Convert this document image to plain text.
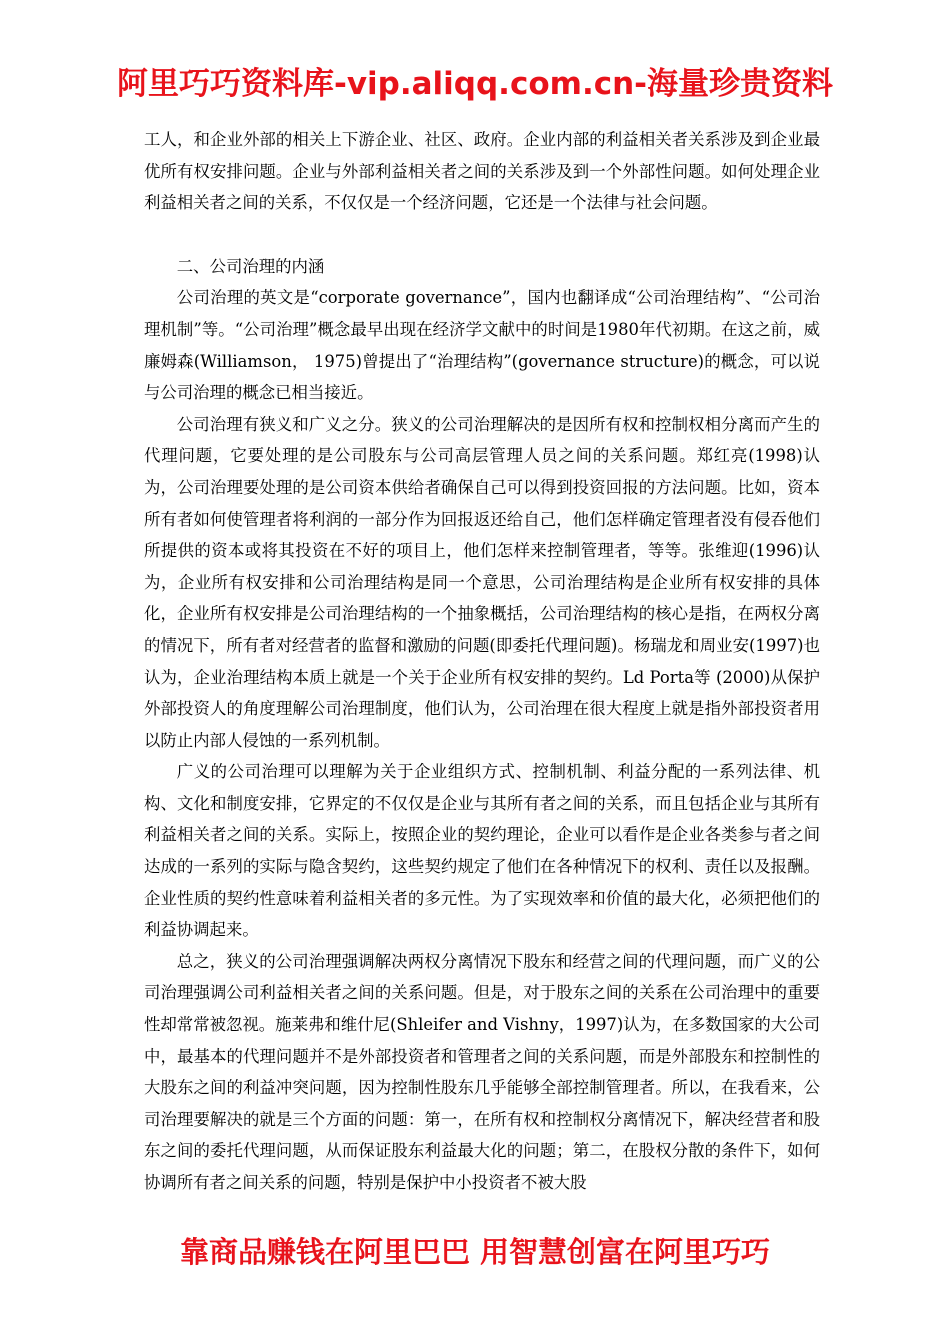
阿里巧巧资料库-vip.aliqq.com.cn-海量珍贵资料

工人，和企业外部的相关上下游企业、社区、政府。企业内部的利益相关者关系涉及到企业最优所有权安排问题。企业与外部利益相关者之间的关系涉及到一个外部性问题。如何处理企业利益相关者之间的关系，不仅仅是一个经济问题，它还是一个法律与社会问题。

二、公司治理的内涵

公司治理的英文是“corporate governance”，国内也翻译成“公司治理结构”、“公司治理机制”等。“公司治理”概念最早出现在经济学文献中的时间是1980年代初期。在这之前，威廉姆森(Williamson， 1975)曾提出了“治理结构”(governance structure)的概念，可以说与公司治理的概念已相当接近。

公司治理有狭义和广义之分。狭义的公司治理解决的是因所有权和控制权相分离而产生的代理问题，它要处理的是公司股东与公司高层管理人员之间的关系问题。郑红亮(1998)认为，公司治理要处理的是公司资本供给者确保自己可以得到投资回报的方法问题。比如，资本所有者如何使管理者将利润的一部分作为回报返还给自己，他们怎样确定管理者没有侵吞他们所提供的资本或将其投资在不好的项目上，他们怎样来控制管理者，等等。张维迎(1996)认为，企业所有权安排和公司治理结构是同一个意思，公司治理结构是企业所有权安排的具体化，企业所有权安排是公司治理结构的一个抽象概括，公司治理结构的核心是指，在两权分离的情况下，所有者对经营者的监督和激励的问题(即委托代理问题)。杨瑞龙和周业安(1997)也认为，企业治理结构本质上就是一个关于企业所有权安排的契约。Ld Porta等 (2000)从保护外部投资人的角度理解公司治理制度，他们认为，公司治理在很大程度上就是指外部投资者用以防止内部人侵蚀的一系列机制。

广义的公司治理可以理解为关于企业组织方式、控制机制、利益分配的一系列法律、机构、文化和制度安排，它界定的不仅仅是企业与其所有者之间的关系，而且包括企业与其所有利益相关者之间的关系。实际上，按照企业的契约理论，企业可以看作是企业各类参与者之间达成的一系列的实际与隐含契约，这些契约规定了他们在各种情况下的权利、责任以及报酬。企业性质的契约性意味着利益相关者的多元性。为了实现效率和价值的最大化，必须把他们的利益协调起来。

总之，狭义的公司治理强调解决两权分离情况下股东和经营之间的代理问题，而广义的公司治理强调公司利益相关者之间的关系问题。但是，对于股东之间的关系在公司治理中的重要性却常常被忽视。施莱弗和维什尼(Shleifer and Vishny，1997)认为，在多数国家的大公司中，最基本的代理问题并不是外部投资者和管理者之间的关系问题，而是外部股东和控制性的大股东之间的利益冲突问题，因为控制性股东几乎能够全部控制管理者。所以，在我看来，公司治理要解决的就是三个方面的问题：第一，在所有权和控制权分离情况下，解决经营者和股东之间的委托代理问题，从而保证股东利益最大化的问题；第二，在股权分散的条件下，如何协调所有者之间关系的问题，特别是保护中小投资者不被大股

靠商品赚钱在阿里巴巴 用智慧创富在阿里巧巧
